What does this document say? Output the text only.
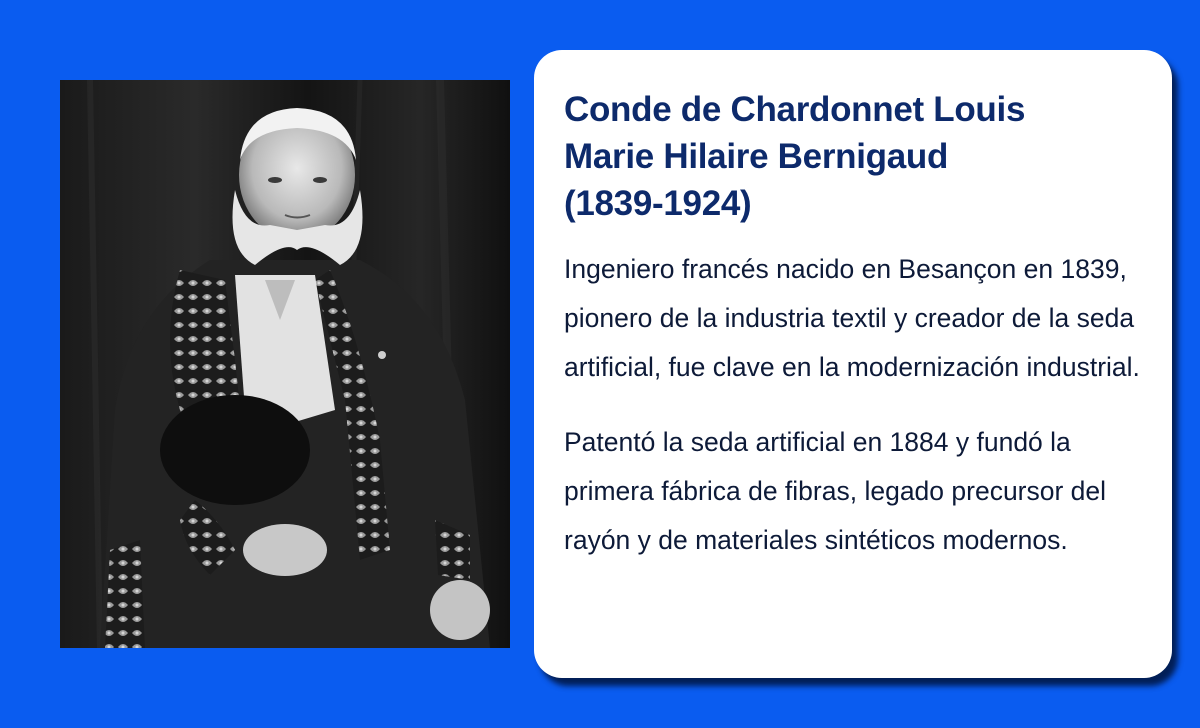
Conde de Chardonnet Louis
Marie Hilaire Bernigaud
(1839-1924)

Ingeniero francés nacido en Besançon en 1839, pionero de la industria textil y creador de la seda artificial, fue clave en la modernización industrial.

Patentó la seda artificial en 1884 y fundó la primera fábrica de fibras, legado precursor del rayón y de materiales sintéticos modernos.
